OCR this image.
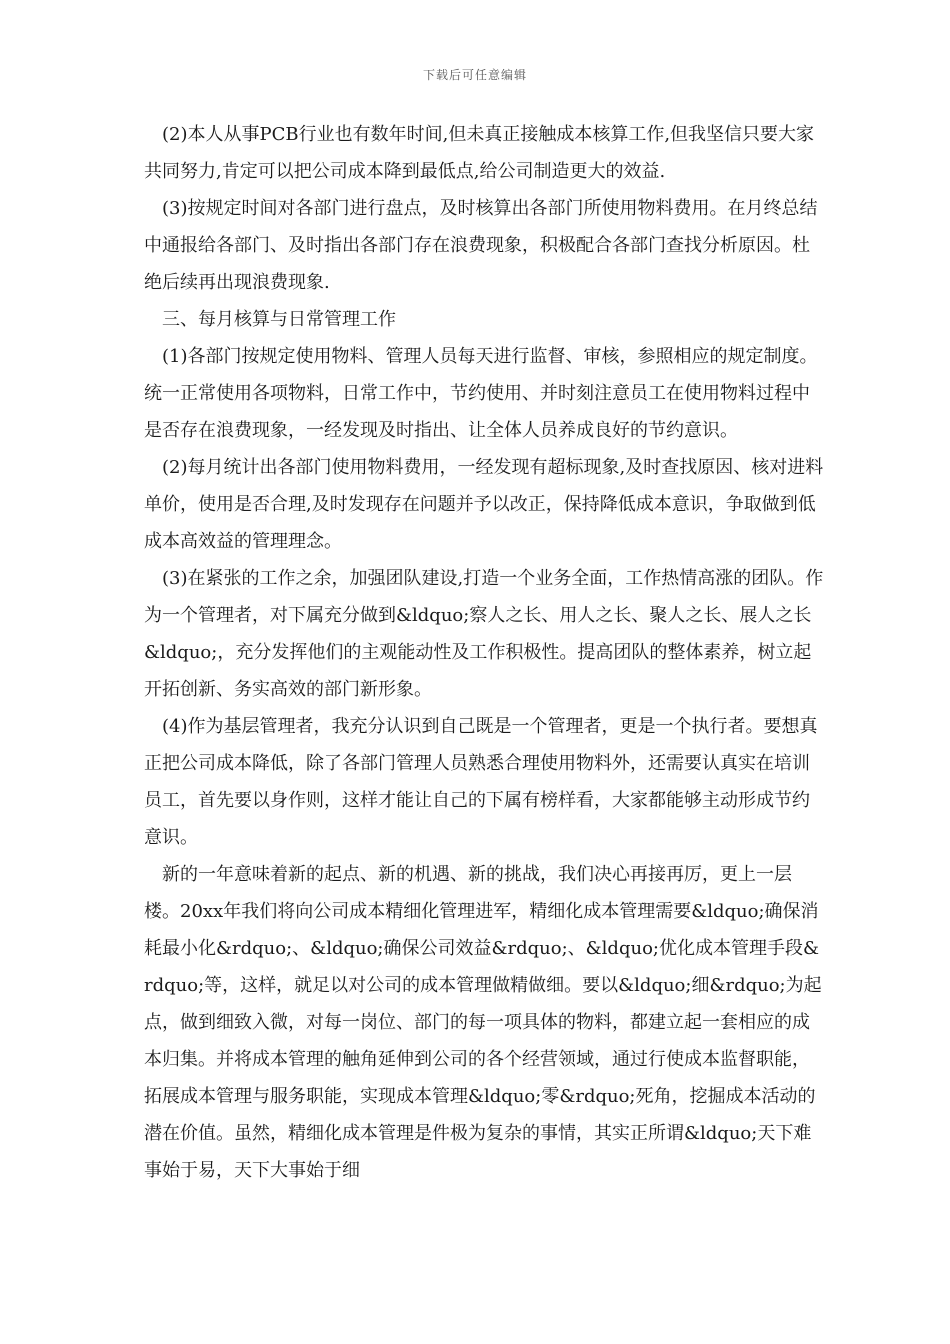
下载后可任意编辑

(2)本人从事PCB行业也有数年时间,但未真正接触成本核算工作,但我坚信只要大家共同努力,肯定可以把公司成本降到最低点,给公司制造更大的效益.

(3)按规定时间对各部门进行盘点，及时核算出各部门所使用物料费用。在月终总结中通报给各部门、及时指出各部门存在浪费现象，积极配合各部门查找分析原因。杜绝后续再出现浪费现象.

三、每月核算与日常管理工作

(1)各部门按规定使用物料、管理人员每天进行监督、审核，参照相应的规定制度。统一正常使用各项物料，日常工作中，节约使用、并时刻注意员工在使用物料过程中是否存在浪费现象，一经发现及时指出、让全体人员养成良好的节约意识。

(2)每月统计出各部门使用物料费用，一经发现有超标现象,及时查找原因、核对进料单价，使用是否合理,及时发现存在问题并予以改正，保持降低成本意识，争取做到低成本高效益的管理理念。

(3)在紧张的工作之余，加强团队建设,打造一个业务全面，工作热情高涨的团队。作为一个管理者，对下属充分做到&ldquo;察人之长、用人之长、聚人之长、展人之长&ldquo;，充分发挥他们的主观能动性及工作积极性。提高团队的整体素养，树立起开拓创新、务实高效的部门新形象。

(4)作为基层管理者，我充分认识到自己既是一个管理者，更是一个执行者。要想真正把公司成本降低，除了各部门管理人员熟悉合理使用物料外，还需要认真实在培训员工，首先要以身作则，这样才能让自己的下属有榜样看，大家都能够主动形成节约意识。

新的一年意味着新的起点、新的机遇、新的挑战，我们决心再接再厉，更上一层楼。20xx年我们将向公司成本精细化管理进军，精细化成本管理需要&ldquo;确保消耗最小化&rdquo;、&ldquo;确保公司效益&rdquo;、&ldquo;优化成本管理手段&rdquo;等，这样，就足以对公司的成本管理做精做细。要以&ldquo;细&rdquo;为起点，做到细致入微，对每一岗位、部门的每一项具体的物料，都建立起一套相应的成本归集。并将成本管理的触角延伸到公司的各个经营领域，通过行使成本监督职能，拓展成本管理与服务职能，实现成本管理&ldquo;零&rdquo;死角，挖掘成本活动的潜在价值。虽然，精细化成本管理是件极为复杂的事情，其实正所谓&ldquo;天下难事始于易，天下大事始于细
